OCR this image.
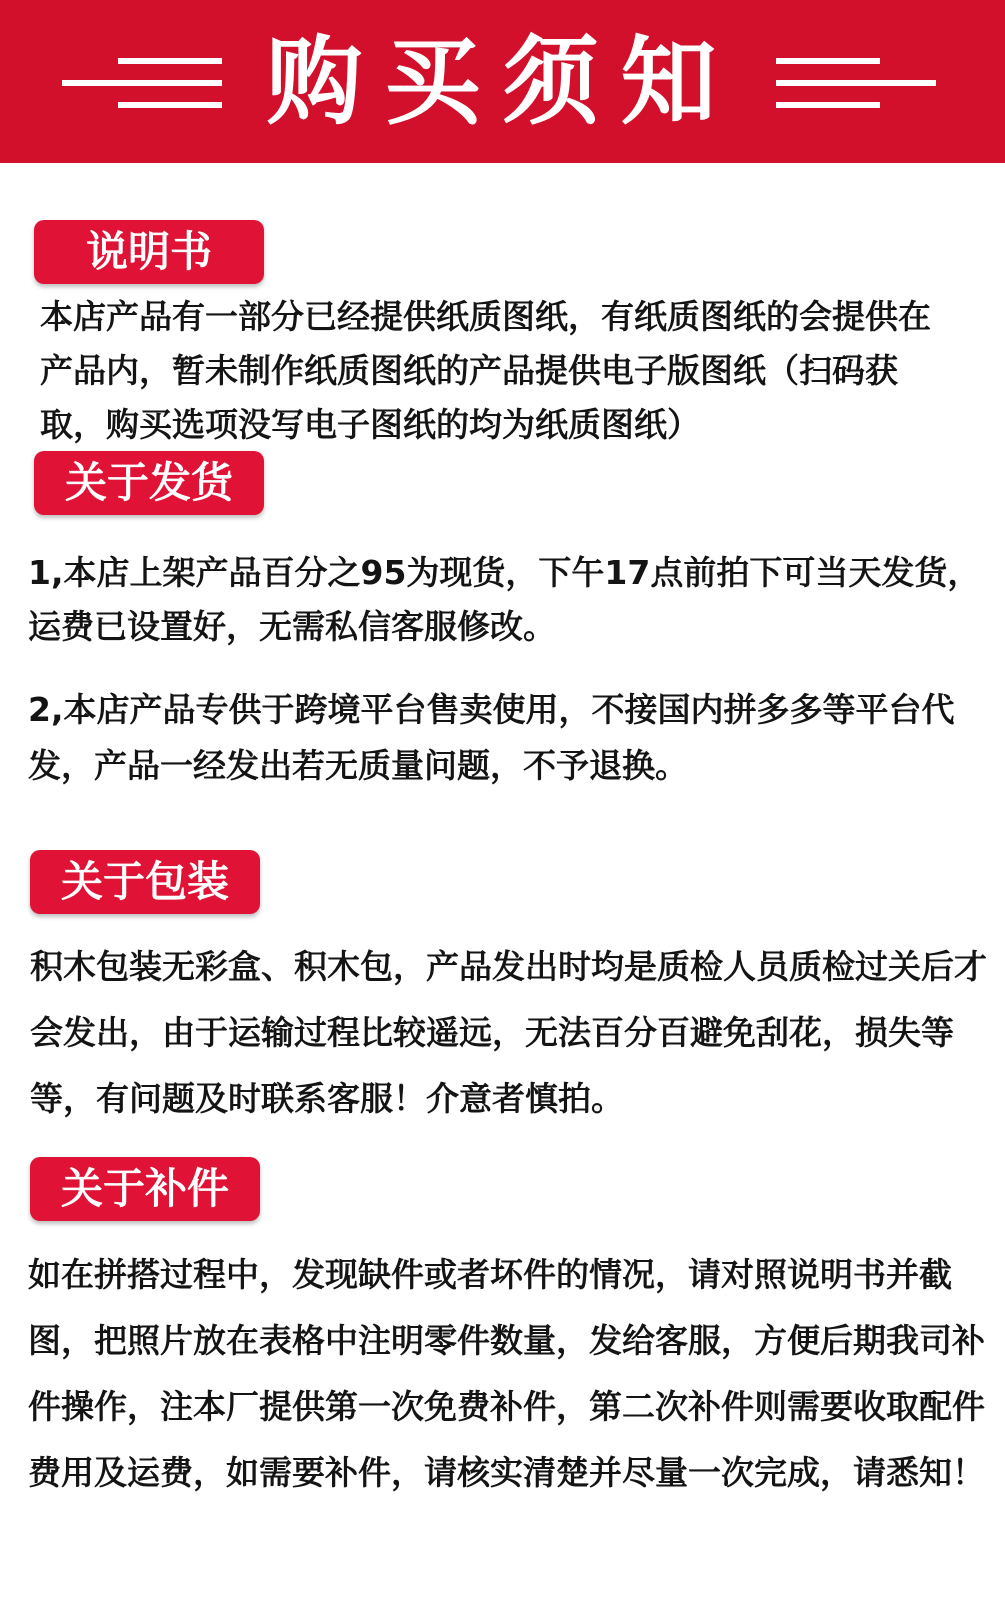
购买须知
说明书

本店产品有一部分已经提供纸质图纸，有纸质图纸的会提供在产品内，暂未制作纸质图纸的产品提供电子版图纸（扫码获取，购买选项没写电子图纸的均为纸质图纸）

关于发货

1,本店上架产品百分之95为现货，下午17点前拍下可当天发货，运费已设置好，无需私信客服修改。

2,本店产品专供于跨境平台售卖使用，不接国内拼多多等平台代发，产品一经发出若无质量问题，不予退换。

关于包装

积木包装无彩盒、积木包，产品发出时均是质检人员质检过关后才会发出，由于运输过程比较遥远，无法百分百避免刮花，损失等等，有问题及时联系客服！介意者慎拍。

关于补件

如在拼搭过程中，发现缺件或者坏件的情况，请对照说明书并截图，把照片放在表格中注明零件数量，发给客服，方便后期我司补件操作，注本厂提供第一次免费补件，第二次补件则需要收取配件费用及运费，如需要补件，请核实清楚并尽量一次完成，请悉知！
